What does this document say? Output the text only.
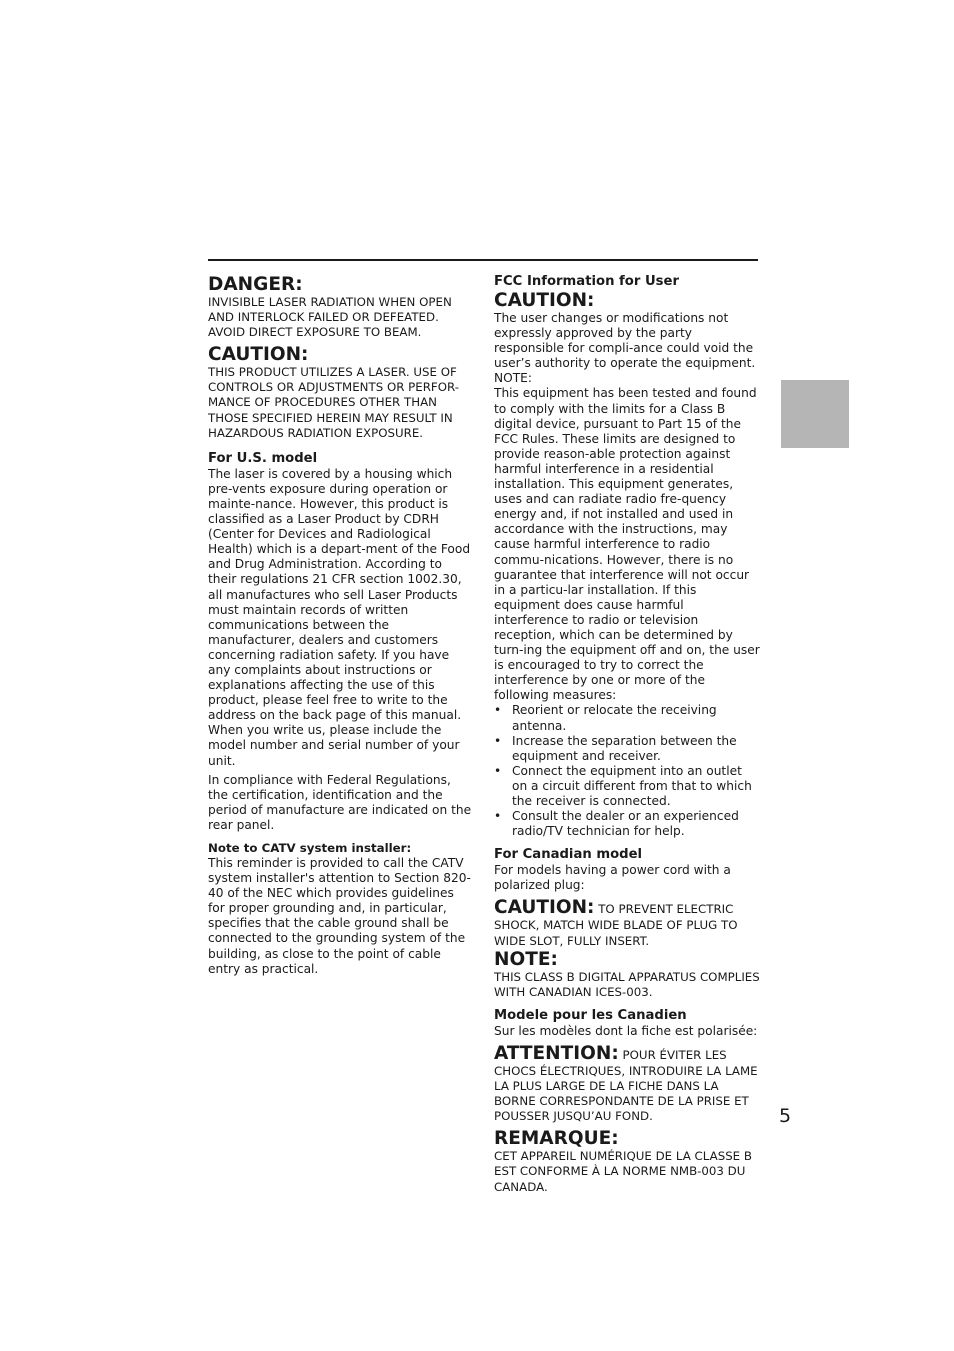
DANGER:

INVISIBLE LASER RADIATION WHEN OPEN AND INTERLOCK FAILED OR DEFEATED. AVOID DIRECT EXPOSURE TO BEAM.

CAUTION:

THIS PRODUCT UTILIZES A LASER. USE OF CONTROLS OR ADJUSTMENTS OR PERFOR-MANCE OF PROCEDURES OTHER THAN THOSE SPECIFIED HEREIN MAY RESULT IN HAZARDOUS RADIATION EXPOSURE.

For U.S. model

The laser is covered by a housing which pre-vents exposure during operation or mainte-nance. However, this product is classified as a Laser Product by CDRH (Center for Devices and Radiological Health) which is a depart-ment of the Food and Drug Administration. According to their regulations 21 CFR section 1002.30, all manufactures who sell Laser Products must maintain records of written communications between the manufacturer, dealers and customers concerning radiation safety. If you have any complaints about instructions or explanations affecting the use of this product, please feel free to write to the address on the back page of this manual. When you write us, please include the model number and serial number of your unit.

In compliance with Federal Regulations, the certification, identification and the period of manufacture are indicated on the rear panel.

Note to CATV system installer:

This reminder is provided to call the CATV system installer's attention to Section 820-40 of the NEC which provides guidelines for proper grounding and, in particular, specifies that the cable ground shall be connected to the grounding system of the building, as close to the point of cable entry as practical.

FCC Information for User
CAUTION:

The user changes or modifications not expressly approved by the party responsible for compli-ance could void the user’s authority to operate the equipment.

NOTE:

This equipment has been tested and found to comply with the limits for a Class B digital device, pursuant to Part 15 of the FCC Rules. These limits are designed to provide reason-able protection against harmful interference in a residential installation. This equipment generates, uses and can radiate radio fre-quency energy and, if not installed and used in accordance with the instructions, may cause harmful interference to radio commu-nications. However, there is no guarantee that interference will not occur in a particu-lar installation. If this equipment does cause harmful interference to radio or television reception, which can be determined by turn-ing the equipment off and on, the user is encouraged to try to correct the interference by one or more of the following measures:

• Reorient or relocate the receiving antenna.
• Increase the separation between the equipment and receiver.
• Connect the equipment into an outlet on a circuit different from that to which the receiver is connected.
• Consult the dealer or an experienced radio/TV technician for help.
For Canadian model

For models having a power cord with a polarized plug:

CAUTION: TO PREVENT ELECTRIC SHOCK, MATCH WIDE BLADE OF PLUG TO WIDE SLOT, FULLY INSERT.

NOTE:

THIS CLASS B DIGITAL APPARATUS COMPLIES WITH CANADIAN ICES-003.

Modele pour les Canadien

Sur les modèles dont la fiche est polarisée:

ATTENTION: POUR ÉVITER LES CHOCS ÉLECTRIQUES, INTRODUIRE LA LAME LA PLUS LARGE DE LA FICHE DANS LA BORNE CORRESPONDANTE DE LA PRISE ET POUSSER JUSQU’AU FOND.

REMARQUE:

CET APPAREIL NUMÉRIQUE DE LA CLASSE B EST CONFORME À LA NORME NMB-003 DU CANADA.

5
